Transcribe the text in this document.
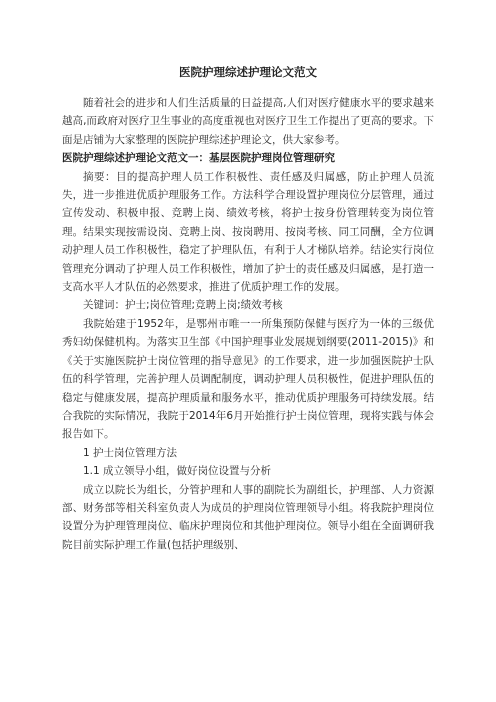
医院护理综述护理论文范文

随着社会的进步和人们生活质量的日益提高,人们对医疗健康水平的要求越来越高,而政府对医疗卫生事业的高度重视也对医疗卫生工作提出了更高的要求。下面是店铺为大家整理的医院护理综述护理论文，供大家参考。

医院护理综述护理论文范文一：基层医院护理岗位管理研究

摘要：目的提高护理人员工作积极性、责任感及归属感，防止护理人员流失，进一步推进优质护理服务工作。方法科学合理设置护理岗位分层管理，通过宣传发动、积极申报、竞聘上岗、绩效考核，将护士按身份管理转变为岗位管理。结果实现按需设岗、竞聘上岗、按岗聘用、按岗考核、同工同酬，全方位调动护理人员工作积极性，稳定了护理队伍，有利于人才梯队培养。结论实行岗位管理充分调动了护理人员工作积极性，增加了护士的责任感及归属感，是打造一支高水平人才队伍的必然要求，推进了优质护理工作的发展。

关键词：护士;岗位管理;竞聘上岗;绩效考核

我院始建于1952年，是鄂州市唯一一所集预防保健与医疗为一体的三级优秀妇幼保健机构。为落实卫生部《中国护理事业发展规划纲要(2011-2015)》和《关于实施医院护士岗位管理的指导意见》的工作要求，进一步加强医院护士队伍的科学管理，完善护理人员调配制度，调动护理人员积极性，促进护理队伍的稳定与健康发展，提高护理质量和服务水平，推动优质护理服务可持续发展。结合我院的实际情况，我院于2014年6月开始推行护士岗位管理，现将实践与体会报告如下。

1 护士岗位管理方法

1.1 成立领导小组，做好岗位设置与分析

成立以院长为组长，分管护理和人事的副院长为副组长，护理部、人力资源部、财务部等相关科室负责人为成员的护理岗位管理领导小组。将我院护理岗位设置分为护理管理岗位、临床护理岗位和其他护理岗位。领导小组在全面调研我院目前实际护理工作量(包括护理级别、
